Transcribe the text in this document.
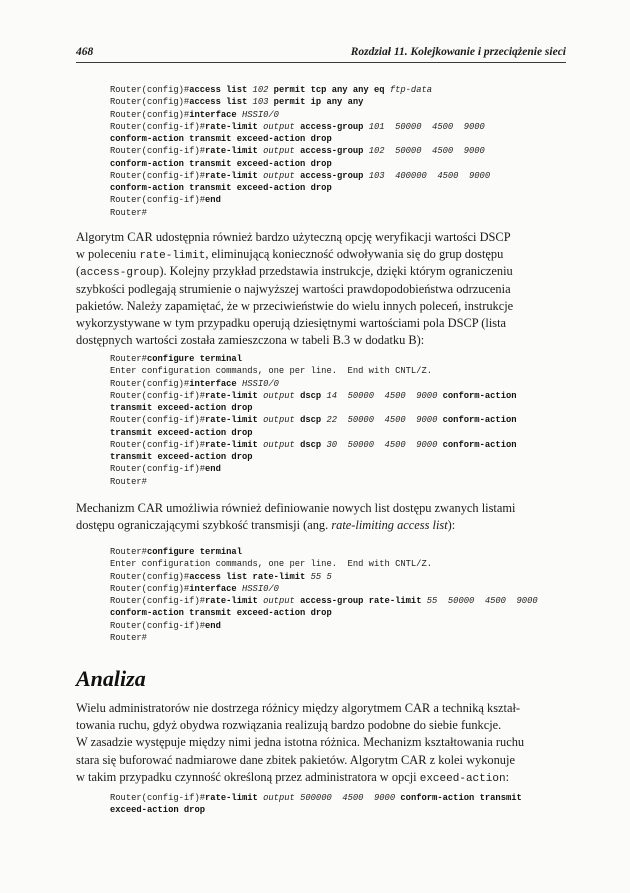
468	Rozdział 11. Kolejkowanie i przeciążenie sieci
Router(config)#access list 102 permit tcp any any eq ftp-data
Router(config)#access list 103 permit ip any any
Router(config)#interface HSSI0/0
Router(config-if)#rate-limit output access-group 101  50000  4500  9000
conform-action transmit exceed-action drop
Router(config-if)#rate-limit output access-group 102  50000  4500  9000
conform-action transmit exceed-action drop
Router(config-if)#rate-limit output access-group 103  400000  4500  9000
conform-action transmit exceed-action drop
Router(config-if)#end
Router#
Algorytm CAR udostępnia również bardzo użyteczną opcję weryfikacji wartości DSCP
w poleceniu rate-limit, eliminującą konieczność odwoływania się do grup dostępu
(access-group). Kolejny przykład przedstawia instrukcje, dzięki którym ograniczeniu
szybkości podlegają strumienie o najwyższej wartości prawdopodobieństwa odrzucenia
pakietów. Należy zapamiętać, że w przeciwieństwie do wielu innych poleceń, instrukcje
wykorzystywane w tym przypadku operują dziesiętnymi wartościami pola DSCP (lista
dostępnych wartości została zamieszczona w tabeli B.3 w dodatku B):
Router#configure terminal
Enter configuration commands, one per line.  End with CNTL/Z.
Router(config)#interface HSSI0/0
Router(config-if)#rate-limit output dscp 14  50000  4500  9000 conform-action
transmit exceed-action drop
Router(config-if)#rate-limit output dscp 22  50000  4500  9000 conform-action
transmit exceed-action drop
Router(config-if)#rate-limit output dscp 30  50000  4500  9000 conform-action
transmit exceed-action drop
Router(config-if)#end
Router#
Mechanizm CAR umożliwia również definiowanie nowych list dostępu zwanych listami
dostępu ograniczającymi szybkość transmisji (ang. rate-limiting access list):
Router#configure terminal
Enter configuration commands, one per line.  End with CNTL/Z.
Router(config)#access list rate-limit 55 5
Router(config)#interface HSSI0/0
Router(config-if)#rate-limit output access-group rate-limit 55  50000  4500  9000
conform-action transmit exceed-action drop
Router(config-if)#end
Router#
Analiza
Wielu administratorów nie dostrzega różnicy między algorytmem CAR a techniką kształ-
towania ruchu, gdyż obydwa rozwiązania realizują bardzo podobne do siebie funkcje.
W zasadzie występuje między nimi jedna istotna różnica. Mechanizm kształtowania ruchu
stara się buforować nadmiarowe dane zbitek pakietów. Algorytm CAR z kolei wykonuje
w takim przypadku czynność określoną przez administratora w opcji exceed-action:
Router(config-if)#rate-limit output 500000  4500  9000 conform-action transmit
exceed-action drop
